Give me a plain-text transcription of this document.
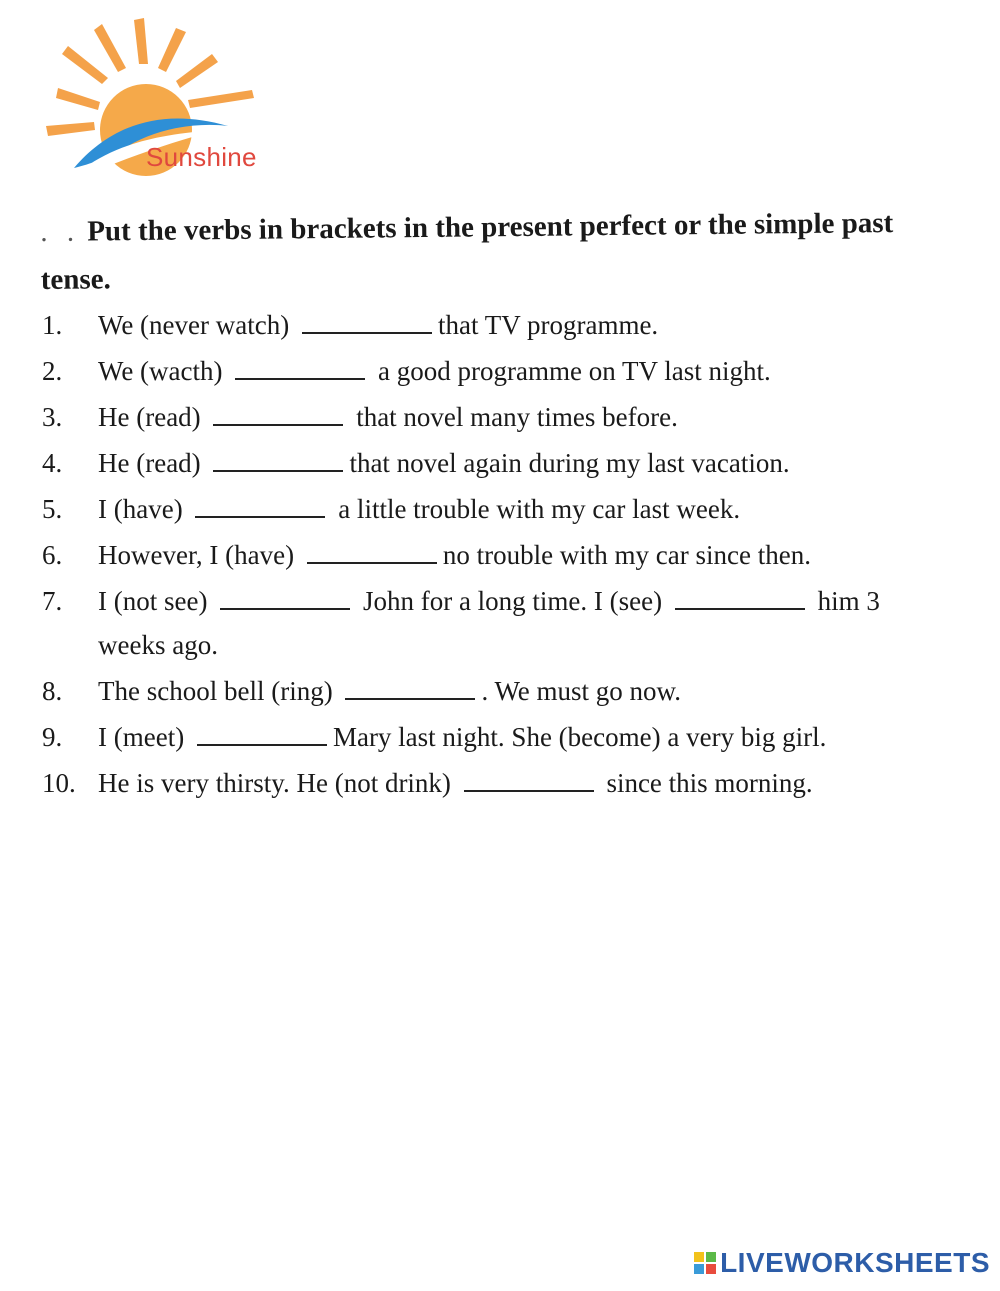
Sunshine
. . Put the verbs in brackets in the present perfect or the simple past tense.
1.	We (never watch)	that TV programme.
2.	We (wacth)	a good programme on TV last night.
3.	He (read)	that novel many times before.
4.	He (read)	that novel again during my last vacation.
5.	I (have)	a little trouble with my car last week.
6.	However, I (have)	no trouble with my car since then.
7.	I (not see)	John for a long time. I (see)	him 3
weeks ago.
8.	The school bell (ring)	. We must go now.
9.	I (meet)	Mary last night. She (become) a very big girl.
10. He is very thirsty. He (not drink)	since this morning.
LIVEWORKSHEETS
